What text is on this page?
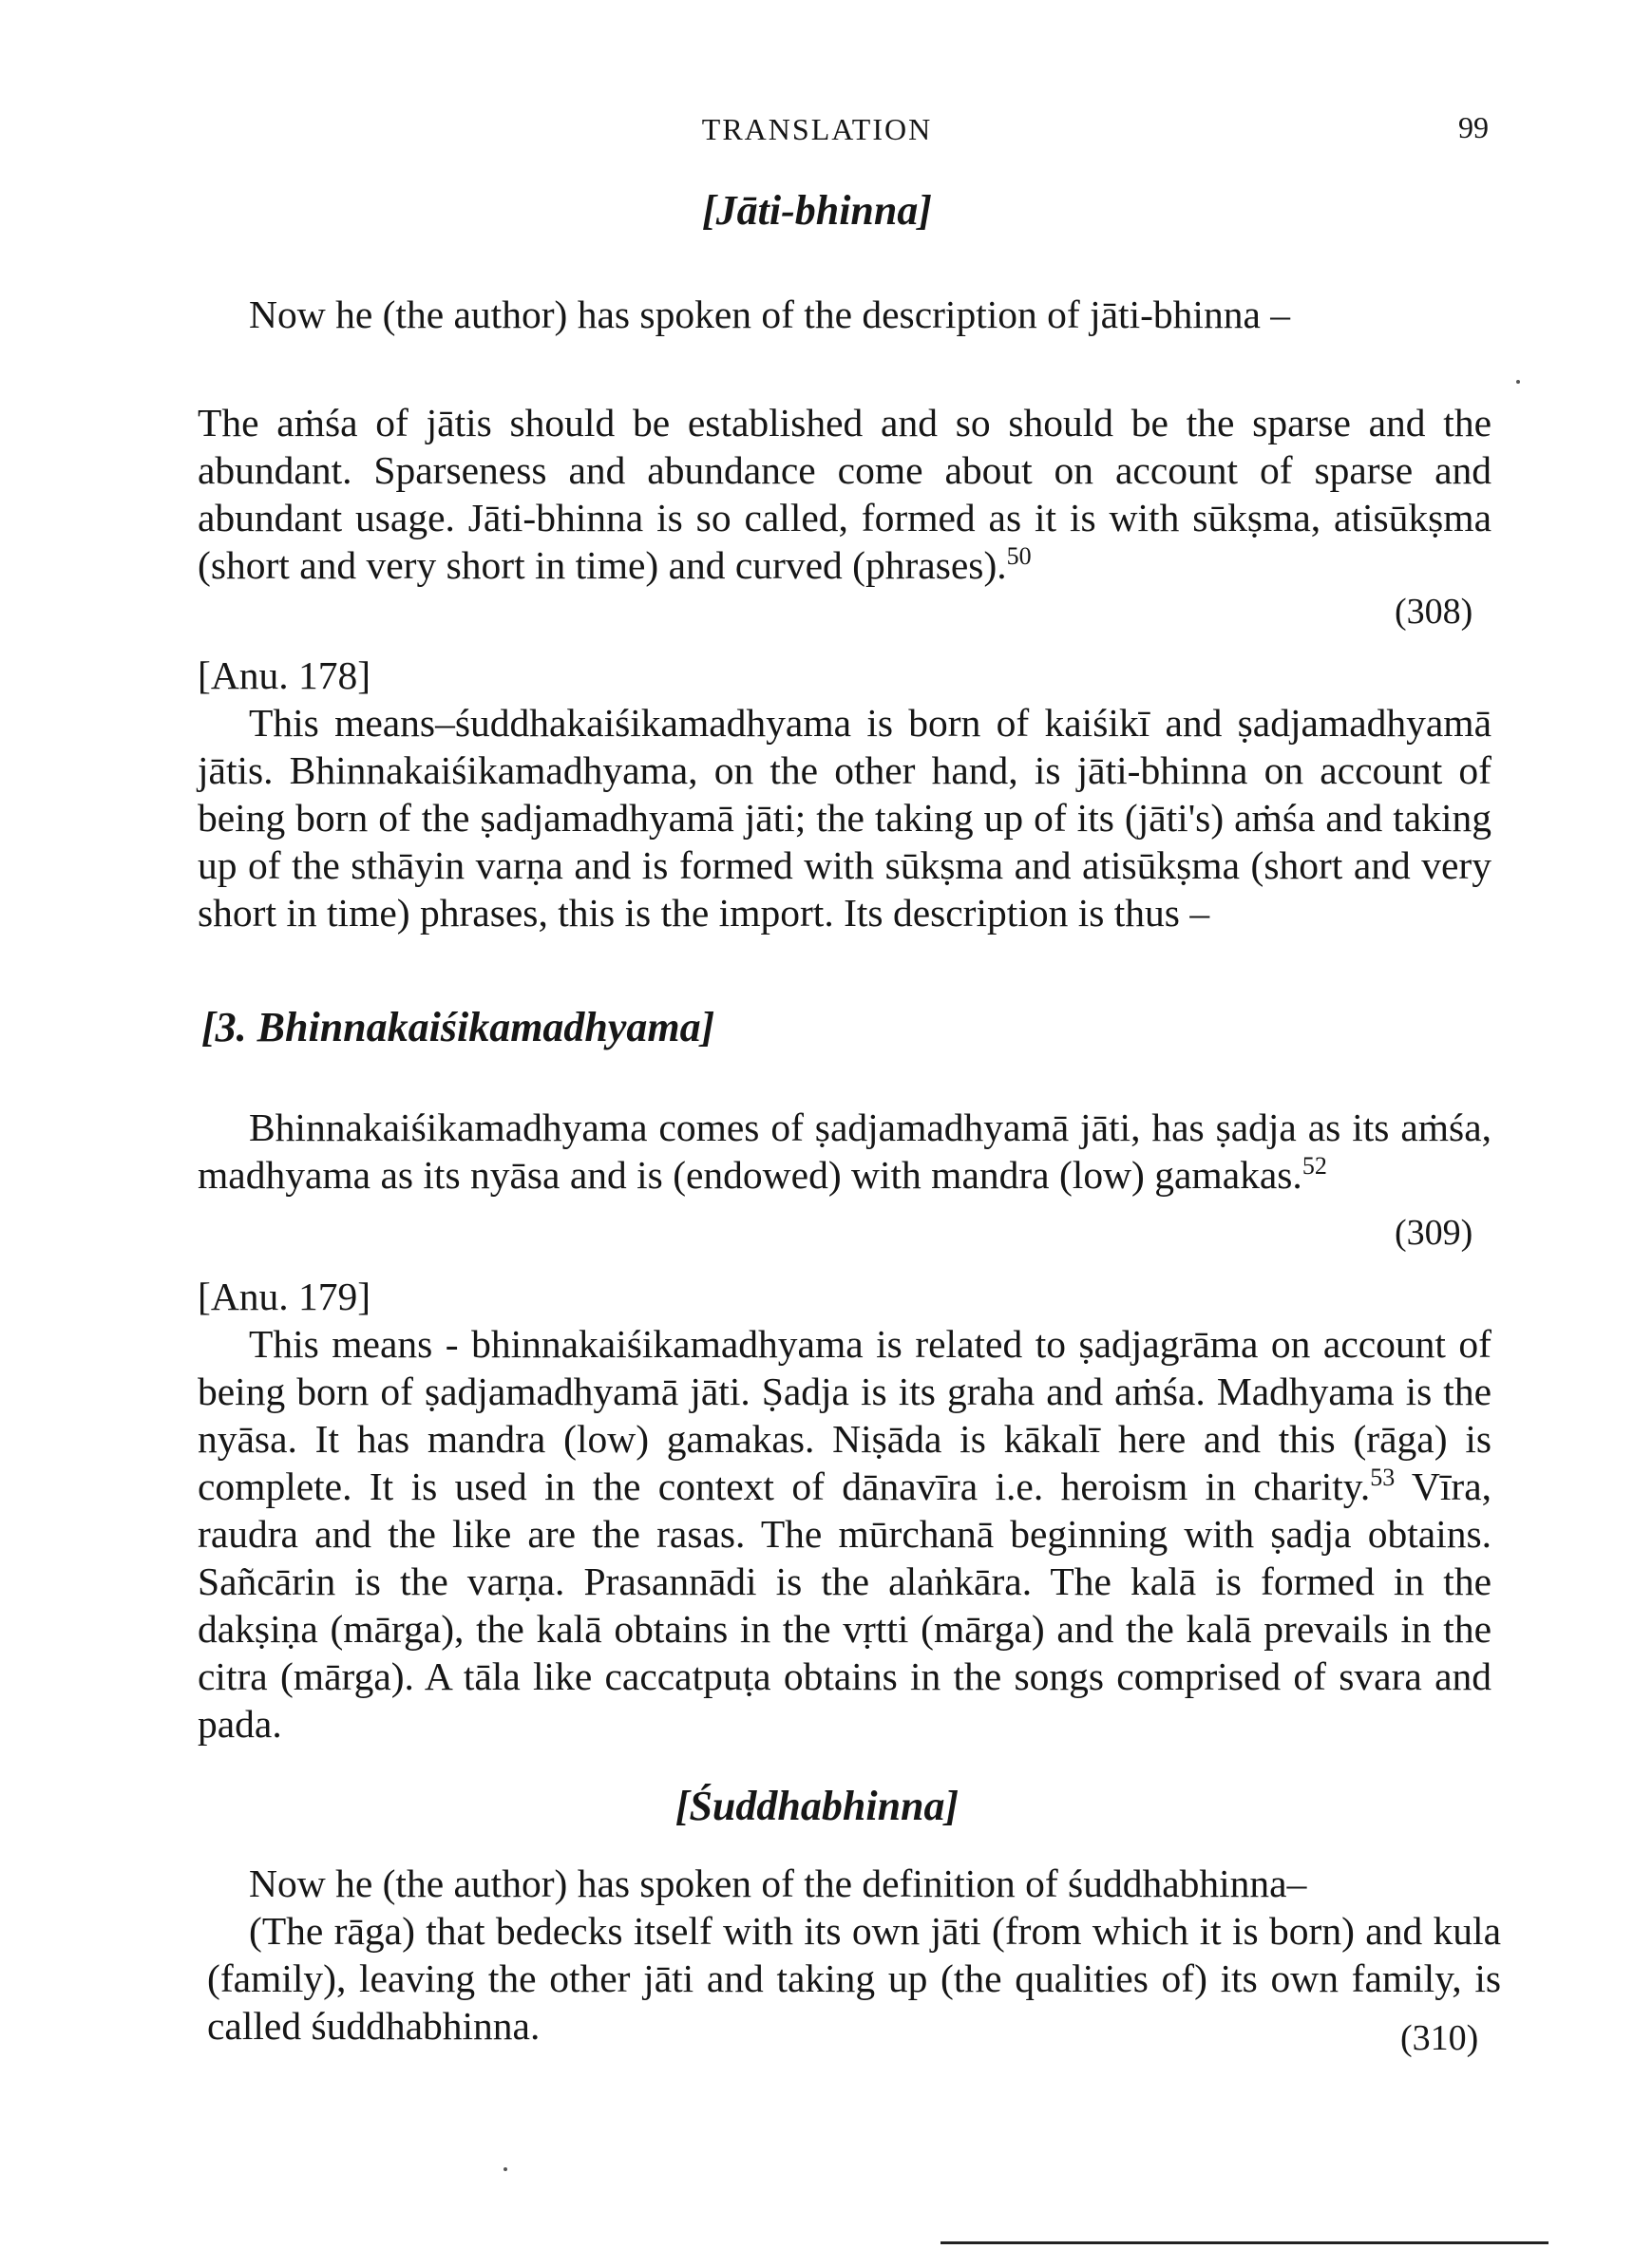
TRANSLATION	99
[Jāti-bhinna]
Now he (the author) has spoken of the description of jāti-bhinna –

The aṁśa of jātis should be established and so should be the sparse and the abundant. Sparseness and abundance come about on account of sparse and abundant usage. Jāti-bhinna is so called, formed as it is with sūkṣma, atisūkṣma (short and very short in time) and curved (phrases).$^{50}$

(308)
[Anu. 178]

This means–śuddhakaiśikamadhyama is born of kaiśikī and ṣadjamadhyamā jātis. Bhinnakaiśikamadhyama, on the other hand, is jāti-bhinna on account of being born of the ṣadjamadhyamā jāti; the taking up of its (jāti's) aṁśa and taking up of the sthāyin varṇa and is formed with sūkṣma and atisūkṣma (short and very short in time) phrases, this is the import. Its description is thus –

[3. Bhinnakaiśikamadhyama]

Bhinnakaiśikamadhyama comes of ṣadjamadhyamā jāti, has ṣadja as its aṁśa, madhyama as its nyāsa and is (endowed) with mandra (low) gamakas.$^{52}$

(309)
[Anu. 179]

This means - bhinnakaiśikamadhyama is related to ṣadjagrāma on account of being born of ṣadjamadhyamā jāti. Ṣadja is its graha and aṁśa. Madhyama is the nyāsa. It has mandra (low) gamakas. Niṣāda is kākalī here and this (rāga) is complete. It is used in the context of dānavīra i.e. heroism in charity.$^{53}$ Vīra, raudra and the like are the rasas. The mūrchanā beginning with ṣadja obtains. Sañcārin is the varṇa. Prasannādi is the alaṅkāra. The kalā is formed in the dakṣiṇa (mārga), the kalā obtains in the vṛtti (mārga) and the kalā prevails in the citra (mārga). A tāla like caccatpuṭa obtains in the songs comprised of svara and pada.

[Śuddhabhinna]
Now he (the author) has spoken of the definition of śuddhabhinna–

(The rāga) that bedecks itself with its own jāti (from which it is born) and kula (family), leaving the other jāti and taking up (the qualities of) its own family, is called śuddhabhinna.	(310)
